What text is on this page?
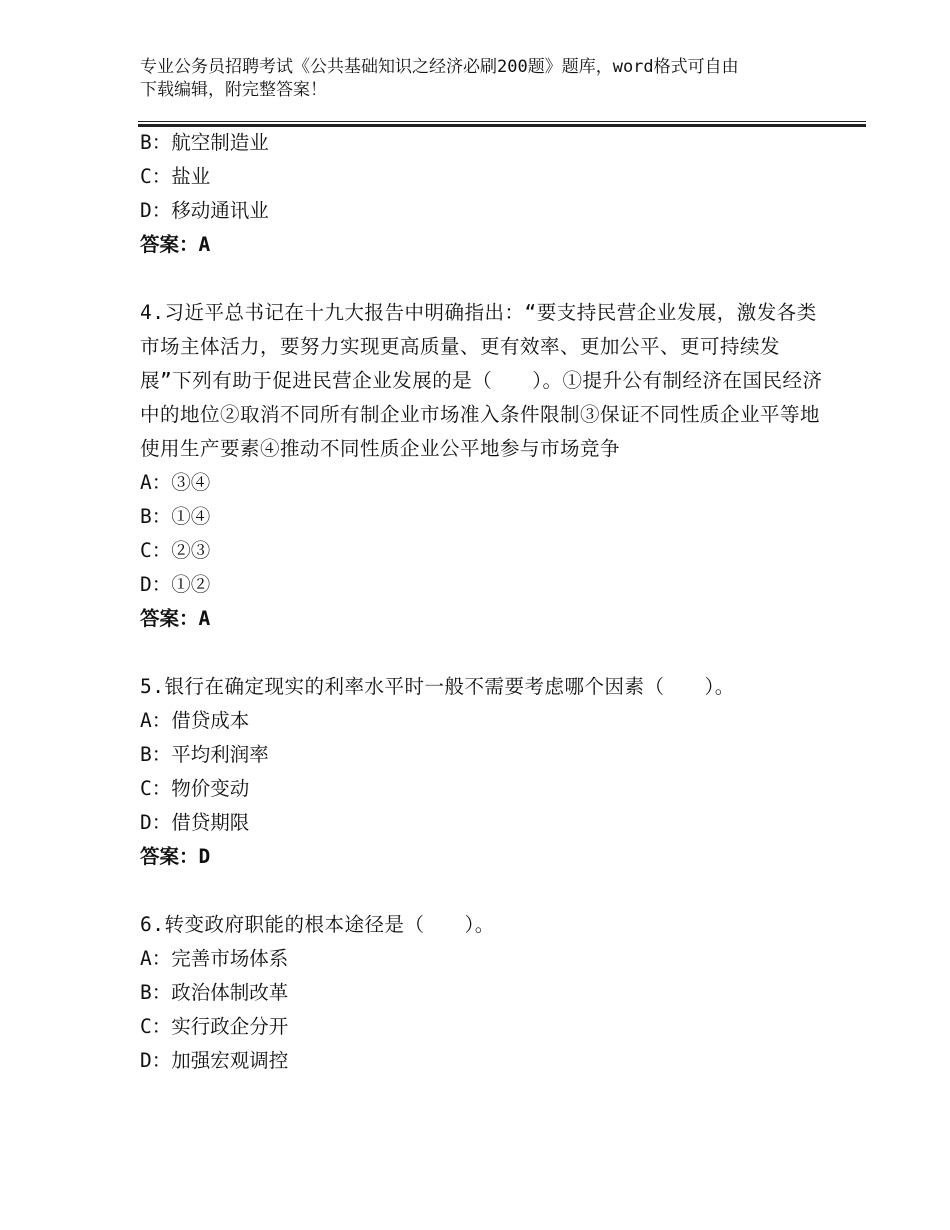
专业公务员招聘考试《公共基础知识之经济必刷200题》题库，word格式可自由
下载编辑，附完整答案！
B：航空制造业
C：盐业
D：移动通讯业
答案：A
4.习近平总书记在十九大报告中明确指出：“要支持民营企业发展，激发各类市场主体活力，要努力实现更高质量、更有效率、更加公平、更可持续发展”下列有助于促进民营企业发展的是（　　）。①提升公有制经济在国民经济中的地位②取消不同所有制企业市场准入条件限制③保证不同性质企业平等地使用生产要素④推动不同性质企业公平地参与市场竞争
A：③④
B：①④
C：②③
D：①②
答案：A
5.银行在确定现实的利率水平时一般不需要考虑哪个因素（　　）。
A：借贷成本
B：平均利润率
C：物价变动
D：借贷期限
答案：D
6.转变政府职能的根本途径是（　　）。
A：完善市场体系
B：政治体制改革
C：实行政企分开
D：加强宏观调控
